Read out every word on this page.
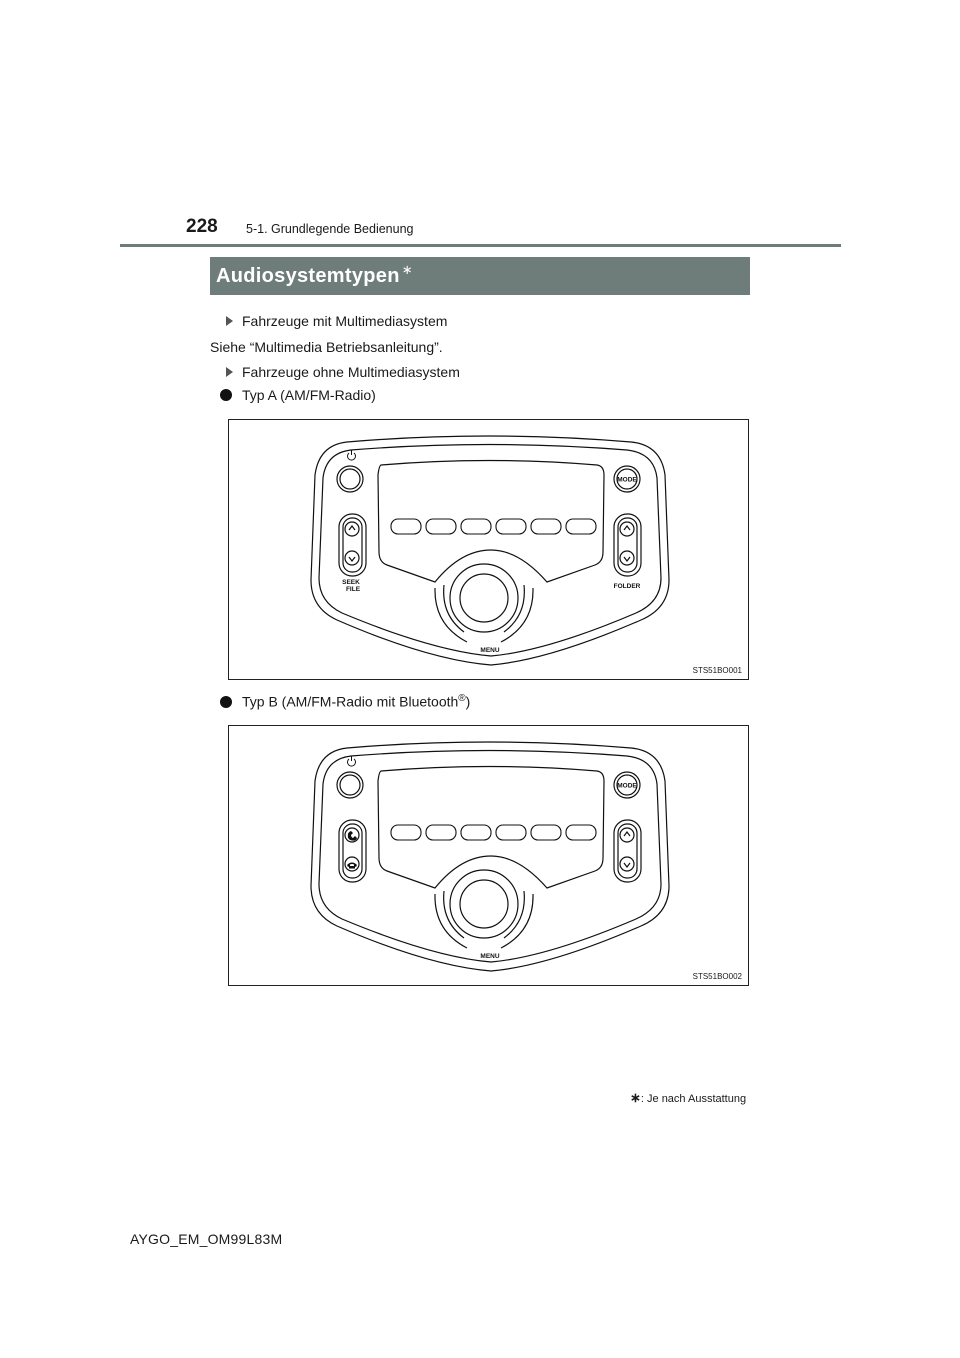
228 5-1. Grundlegende Bedienung
Audiosystemtypen∗
Fahrzeuge mit Multimediasystem
Siehe “Multimedia Betriebsanleitung”.
Fahrzeuge ohne Multimediasystem
Typ A (AM/FM-Radio)
MODE
SEEK
FILE	FOLDER
MENU
STS51BO001
Typ B (AM/FM-Radio mit Bluetooth®)
MODE
MENU
STS51BO002
∗: Je nach Ausstattung
AYGO_EM_OM99L83M
